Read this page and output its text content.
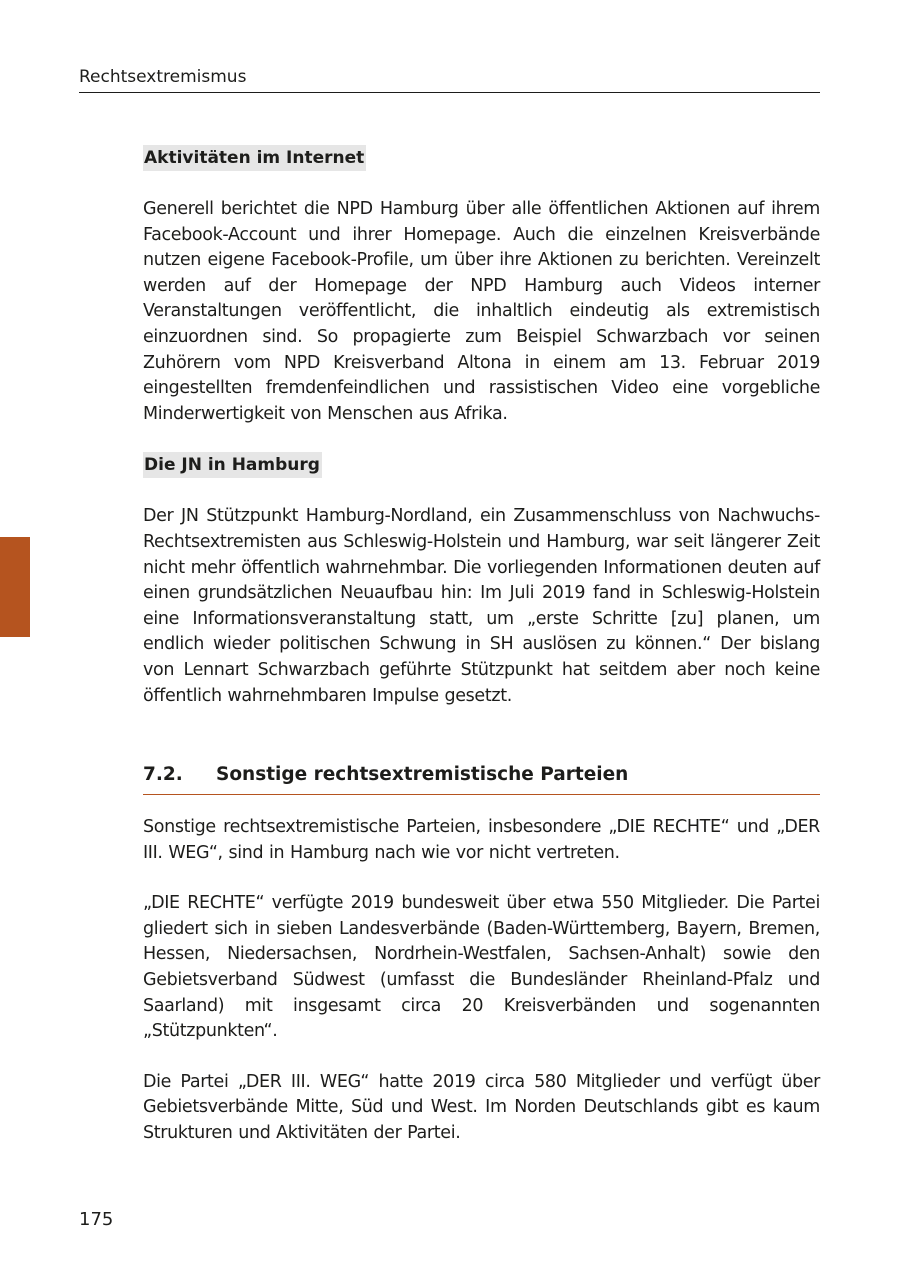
Rechtsextremismus
Aktivitäten im Internet

Generell berichtet die NPD Hamburg über alle öffentlichen Aktionen auf ihrem Facebook-Account und ihrer Homepage. Auch die einzelnen Kreisverbände nutzen eigene Facebook-Profile, um über ihre Aktionen zu berichten. Vereinzelt werden auf der Homepage der NPD Hamburg auch Videos interner Veranstaltungen veröffentlicht, die inhaltlich eindeutig als extremistisch einzuordnen sind. So propagierte zum Beispiel Schwarzbach vor seinen Zuhörern vom NPD Kreisverband Altona in einem am 13. Februar 2019 eingestellten fremdenfeindlichen und rassistischen Video eine vorgebliche Minderwertigkeit von Menschen aus Afrika.

Die JN in Hamburg

Der JN Stützpunkt Hamburg-Nordland, ein Zusammenschluss von Nachwuchs-Rechtsextremisten aus Schleswig-Holstein und Hamburg, war seit längerer Zeit nicht mehr öffentlich wahrnehmbar. Die vorliegenden Informationen deuten auf einen grundsätzlichen Neuaufbau hin: Im Juli 2019 fand in Schleswig-Holstein eine Informationsveranstaltung statt, um „erste Schritte [zu] planen, um endlich wieder politischen Schwung in SH auslösen zu können.“ Der bislang von Lennart Schwarzbach geführte Stützpunkt hat seitdem aber noch keine öffentlich wahrnehmbaren Impulse gesetzt.

7.2.	Sonstige rechtsextremistische Parteien

Sonstige rechtsextremistische Parteien, insbesondere „DIE RECHTE“ und „DER III. WEG“, sind in Hamburg nach wie vor nicht vertreten.

„DIE RECHTE“ verfügte 2019 bundesweit über etwa 550 Mitglieder. Die Partei gliedert sich in sieben Landesverbände (Baden-Württemberg, Bayern, Bremen, Hessen, Niedersachsen, Nordrhein-Westfalen, Sachsen-Anhalt) sowie den Gebietsverband Südwest (umfasst die Bundesländer Rheinland-Pfalz und Saarland) mit insgesamt circa 20 Kreisverbänden und sogenannten „Stützpunkten“.

Die Partei „DER III. WEG“ hatte 2019 circa 580 Mitglieder und verfügt über Gebietsverbände Mitte, Süd und West. Im Norden Deutschlands gibt es kaum Strukturen und Aktivitäten der Partei.

175
